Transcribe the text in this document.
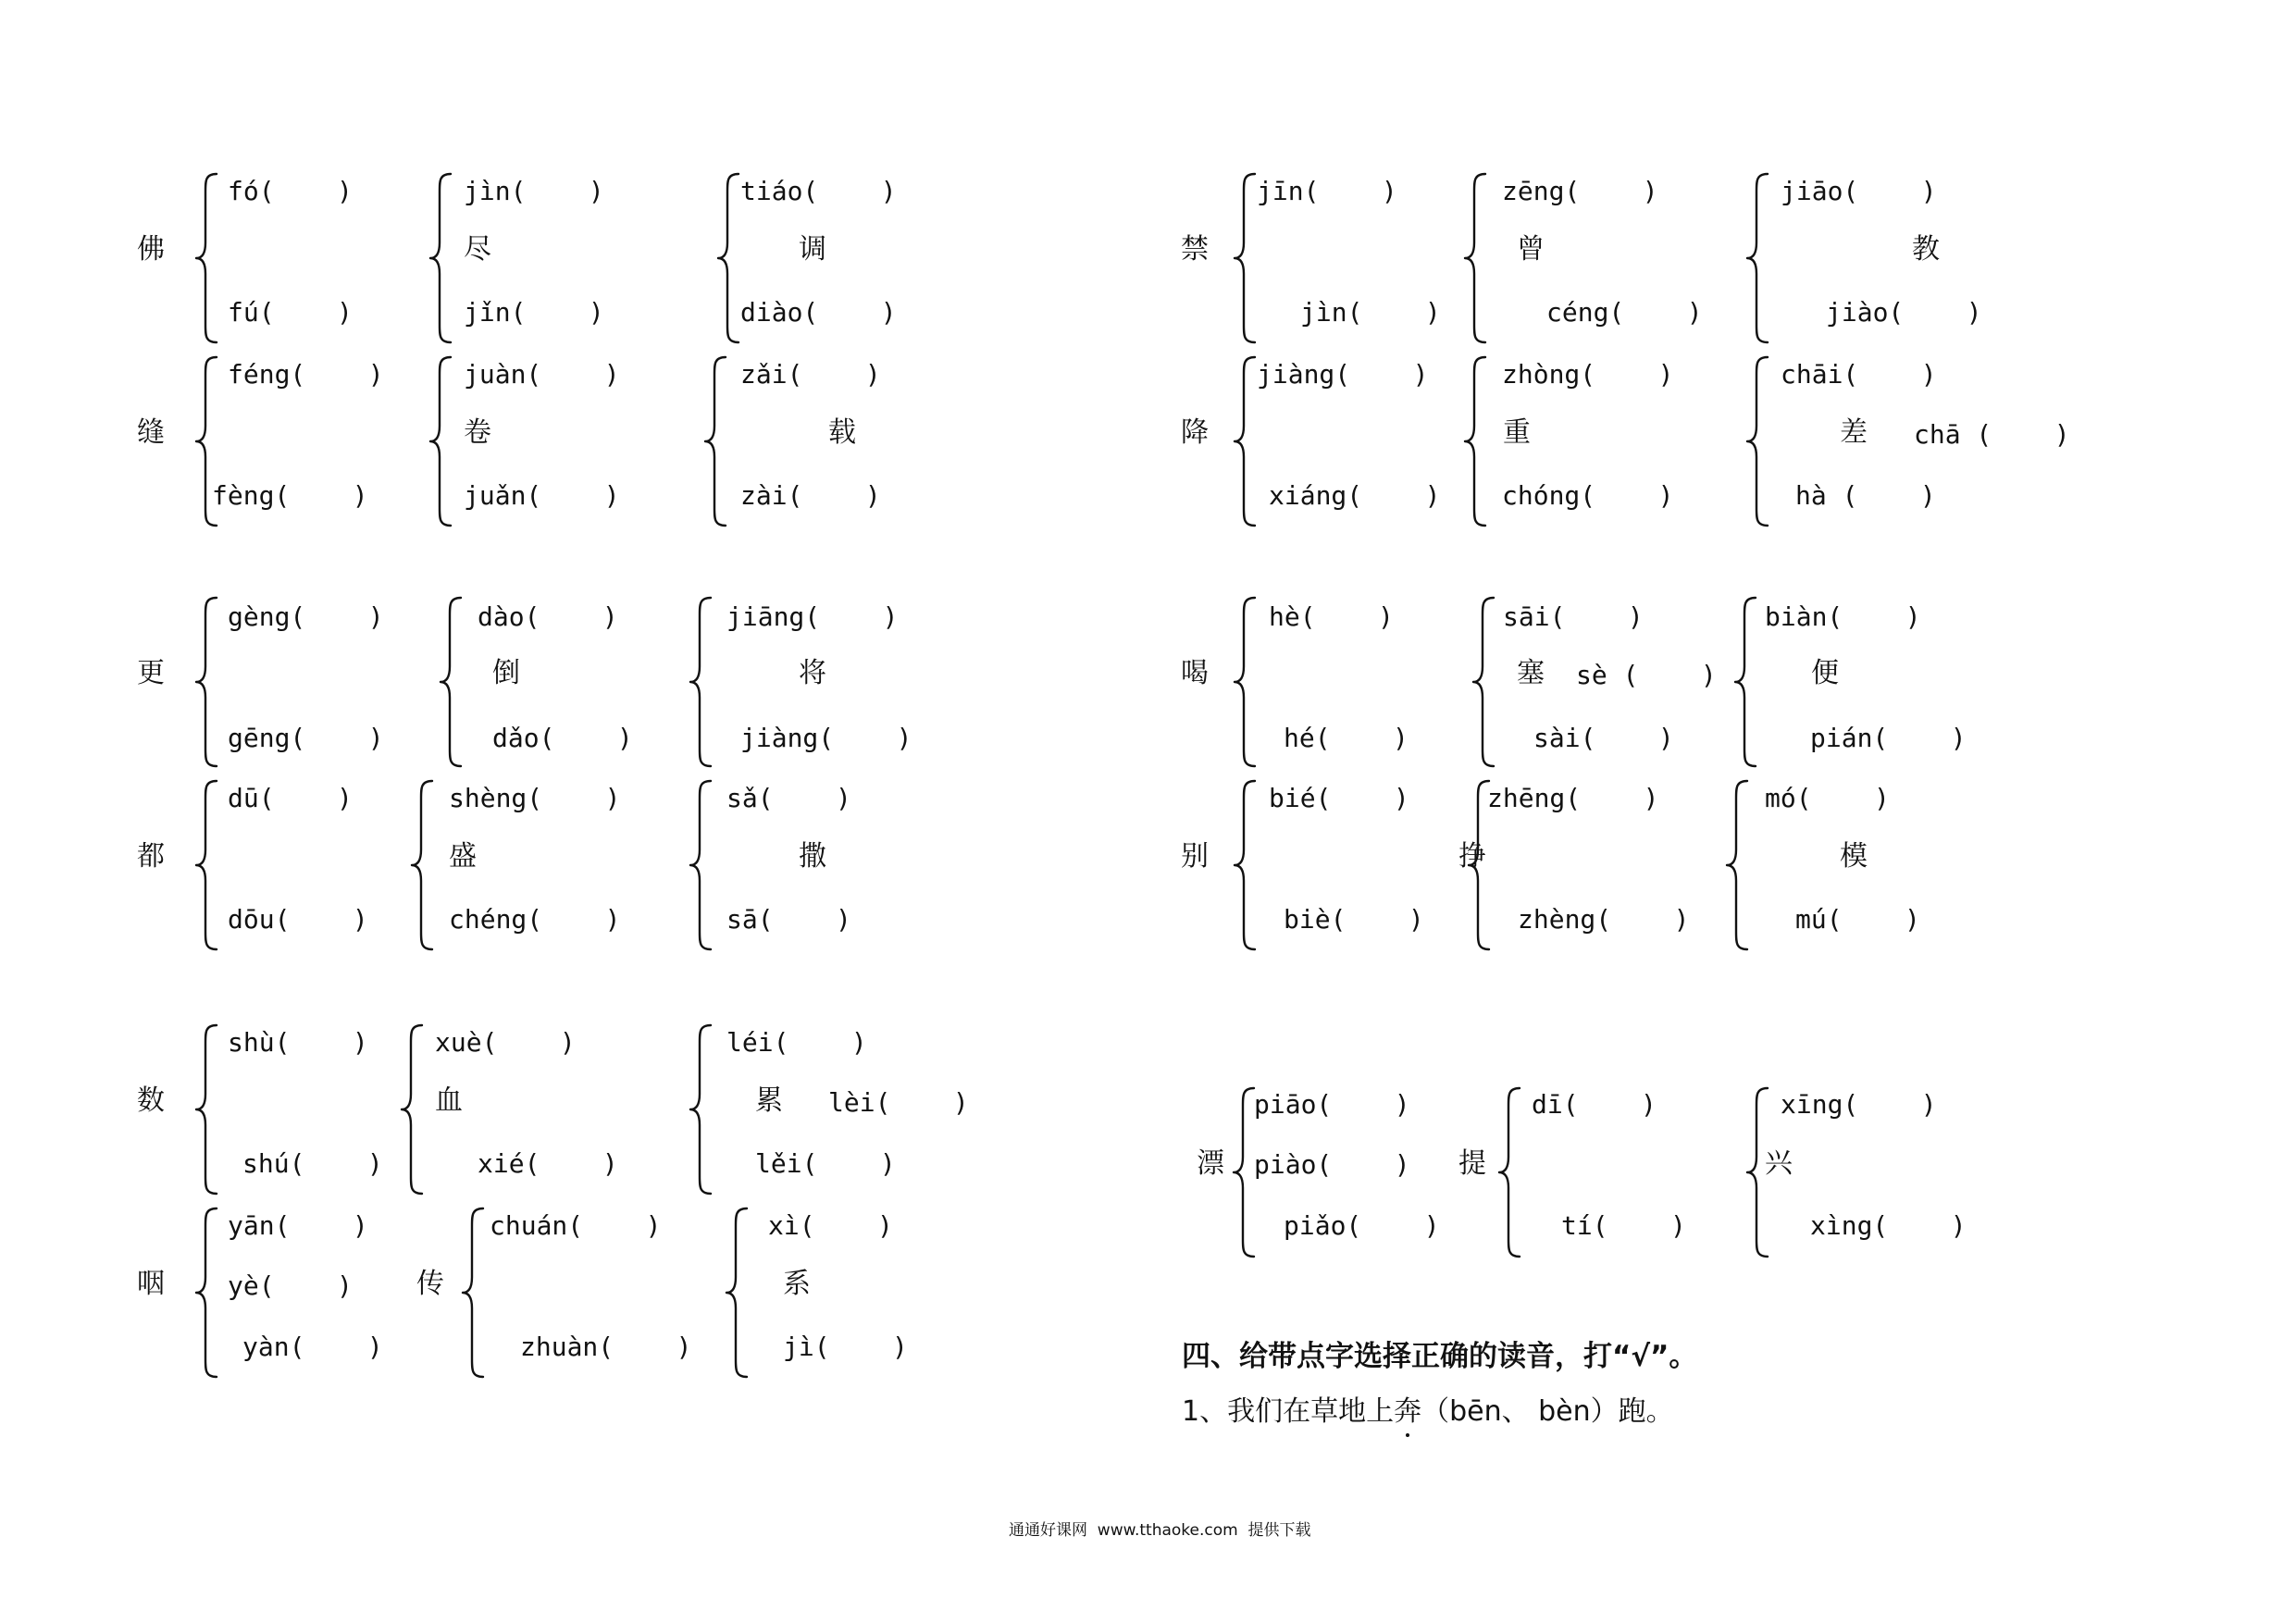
佛
fó(    )
fú(    )
尽
jìn(    )
jǐn(    )
调
tiáo(    )
diào(    )
禁
jīn(    )
jìn(    )
曾
zēng(    )
céng(    )
教
jiāo(    )
jiào(    )
缝
féng(    )
fèng(    )
卷
juàn(    )
juǎn(    )
载
zǎi(    )
zài(    )
降
jiàng(    )
xiáng(    )
重
zhòng(    )
chóng(    )
差
chāi(    )
chā (    )
hà (    )
更
gèng(    )
gēng(    )
倒
dào(    )
dǎo(    )
将
jiāng(    )
jiàng(    )
喝
hè(    )
hé(    )
塞
sāi(    )
sè (    )
sài(    )
便
biàn(    )
pián(    )
都
dū(    )
dōu(    )
盛
shèng(    )
chéng(    )
撒
sǎ(    )
sā(    )
别
bié(    )
biè(    )
挣
zhēng(    )
zhèng(    )
模
mó(    )
mú(    )
数
shù(    )
shú(    )
血
xuè(    )
xié(    )
累
léi(    )
lèi(    )
lěi(    )	漂
piāo(    )
piào(    )
piǎo(    )
提
dī(    )
tí(    )
兴
xīng(    )
xìng(    )
咽
yān(    )
yè(    )
yàn(    )
传
chuán(    )
zhuàn(    )
系
xì(    )
jì(    )	四、给带点字选择正确的读音，打“√”。
1、我们在草地上奔（bēn、 bèn）跑。
通通好课网  www.tthaoke.com  提供下载
